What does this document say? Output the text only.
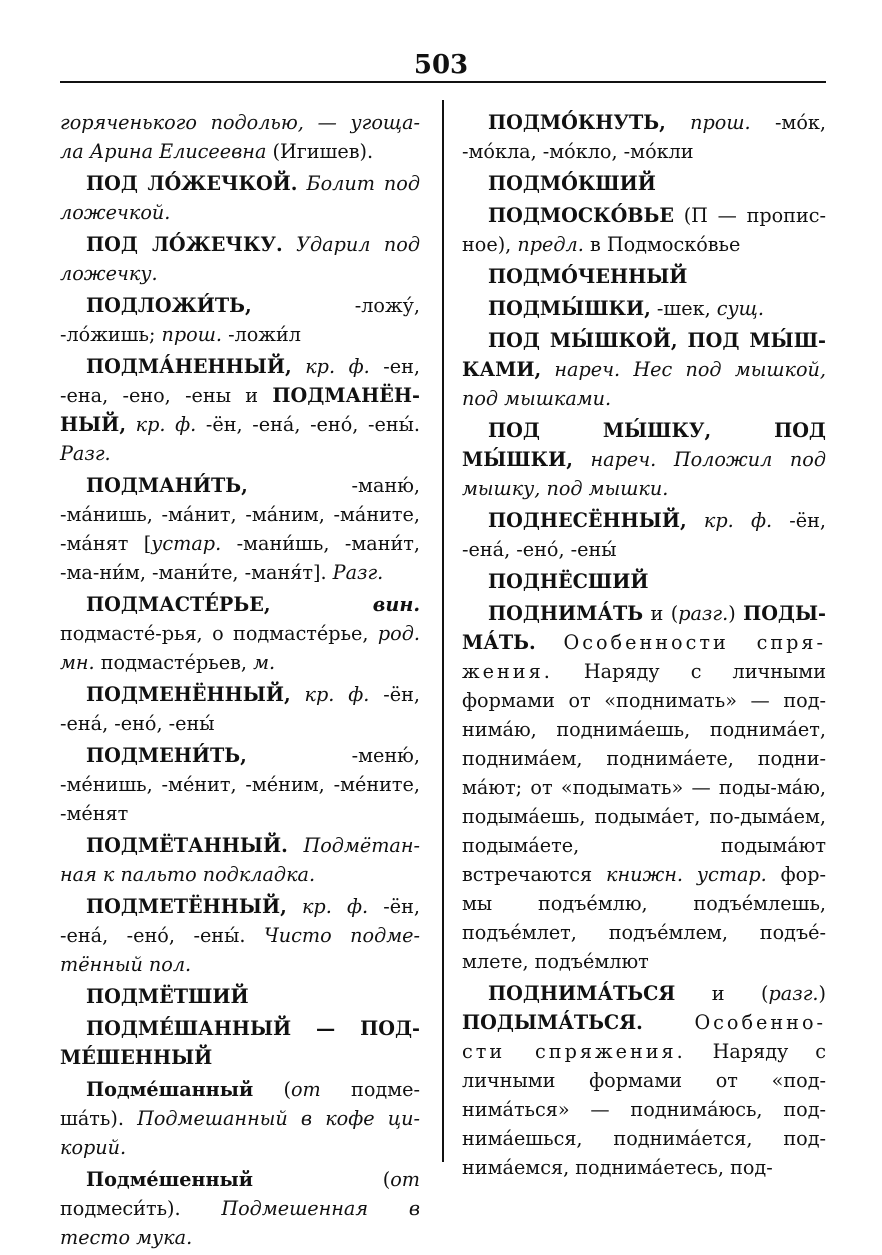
503

горяченького подолью, — угоща-ла Арина Елисеевна (Игишев).

ПОД ЛО́ЖЕЧКОЙ. Болит под ложечкой.

ПОД ЛО́ЖЕЧКУ. Ударил под ложечку.

ПОДЛОЖИ́ТЬ, -ложу́, -ло́жишь; прош. -ложи́л

ПОДМА́НЕННЫЙ, кр. ф. -ен, -ена, -ено, -ены и ПОДМАНЁН-НЫЙ, кр. ф. -ён, -ена́, -ено́, -ены́. Разг.

ПОДМАНИ́ТЬ, -маню́, -ма́нишь, -ма́нит, -ма́ним, -ма́ните, -ма́нят [устар. -мани́шь, -мани́т, -ма-ни́м, -мани́те, -маня́т]. Разг.

ПОДМАСТЕ́РЬЕ, вин. подмасте́-рья, о подмасте́рье, род. мн. подмасте́рьев, м.

ПОДМЕНЁННЫЙ, кр. ф. -ён, -ена́, -ено́, -ены́

ПОДМЕНИ́ТЬ, -меню́, -ме́нишь, -ме́нит, -ме́ним, -ме́ните, -ме́нят

ПОДМЁТАННЫЙ. Подмётан-ная к пальто подкладка.

ПОДМЕТЁННЫЙ, кр. ф. -ён, -ена́, -ено́, -ены́. Чисто подме-тённый пол.

ПОДМЁТШИЙ

ПОДМЕ́ШАННЫЙ — ПОД-МЕ́ШЕННЫЙ

Подме́шанный (от подме-ша́ть). Подмешанный в кофе ци-корий.

Подме́шенный (от подмеси́ть). Подмешенная в тесто мука.

ПОДМО́КНУТЬ, прош. -мо́к, -мо́кла, -мо́кло, -мо́кли

ПОДМО́КШИЙ

ПОДМОСКО́ВЬЕ (П — пропис-ное), предл. в Подмоско́вье

ПОДМО́ЧЕННЫЙ

ПОДМЫ́ШКИ, -шек, сущ.

ПОД МЫ́ШКОЙ, ПОД МЫ́Ш-КАМИ, нареч. Нес под мышкой, под мышками.

ПОД МЫ́ШКУ, ПОД МЫ́ШКИ, нареч. Положил под мышку, под мышки.

ПОДНЕСЁННЫЙ, кр. ф. -ён, -ена́, -ено́, -ены́

ПОДНЁСШИЙ

ПОДНИМА́ТЬ и (разг.) ПОДЫ-МА́ТЬ. Особенности спря-жения. Наряду с личными формами от «поднимать» — под-нима́ю, поднима́ешь, поднима́ет, поднима́ем, поднима́ете, подни-ма́ют; от «подымать» — поды-ма́ю, подыма́ешь, подыма́ет, по-дыма́ем, подыма́ете, подыма́ют встречаются книжн. устар. фор-мы подъе́млю, подъе́млешь, подъе́млет, подъе́млем, подъе́-млете, подъе́млют

ПОДНИМА́ТЬСЯ и (разг.) ПОДЫМА́ТЬСЯ. Особенно-сти спряжения. Наряду с личными формами от «под-нима́ться» — поднима́юсь, под-нима́ешься, поднима́ется, под-нима́емся, поднима́етесь, под-
